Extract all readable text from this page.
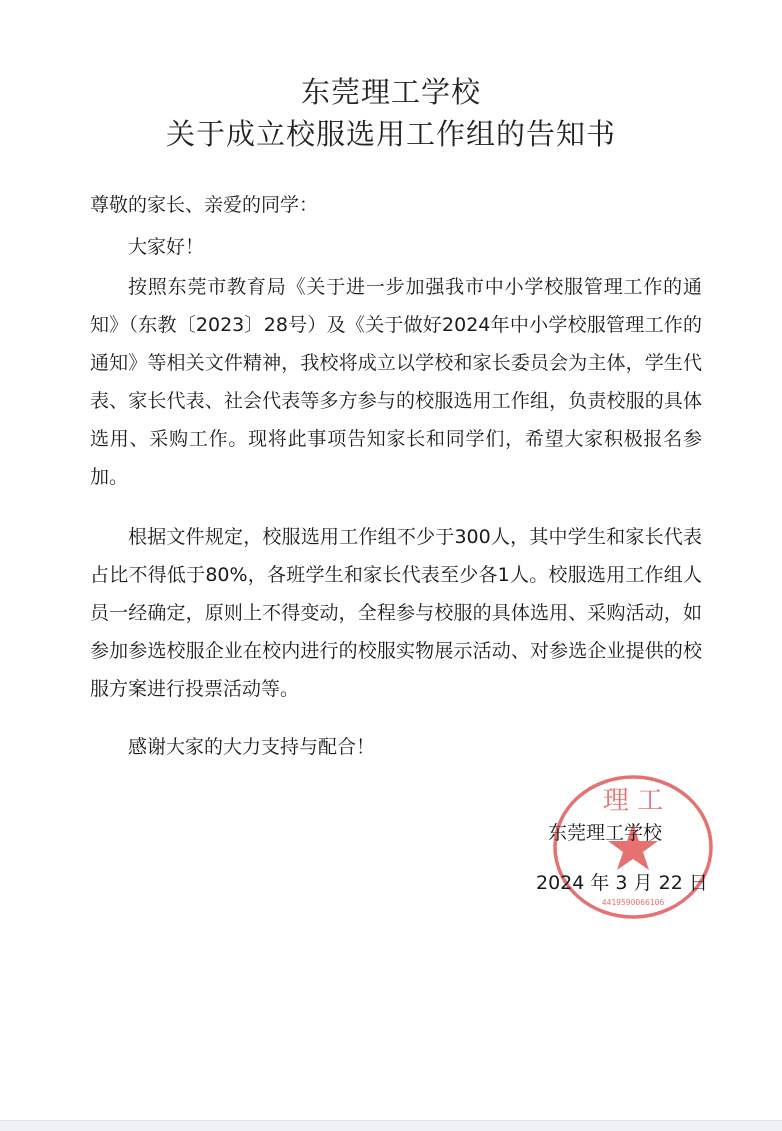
东莞理工学校
关于成立校服选用工作组的告知书
尊敬的家长、亲爱的同学：
大家好！
按照东莞市教育局《关于进一步加强我市中小学校服管理工作的通知》（东教〔2023〕28号）及《关于做好2024年中小学校服管理工作的通知》等相关文件精神，我校将成立以学校和家长委员会为主体，学生代表、家长代表、社会代表等多方参与的校服选用工作组，负责校服的具体选用、采购工作。现将此事项告知家长和同学们，希望大家积极报名参加。
根据文件规定，校服选用工作组不少于300人，其中学生和家长代表占比不得低于80%，各班学生和家长代表至少各1人。校服选用工作组人员一经确定，原则上不得变动，全程参与校服的具体选用、采购活动，如参加参选校服企业在校内进行的校服实物展示活动、对参选企业提供的校服方案进行投票活动等。
感谢大家的大力支持与配合！
理 工
4419590066106
东莞理工学校
2024 年 3 月 22 日
